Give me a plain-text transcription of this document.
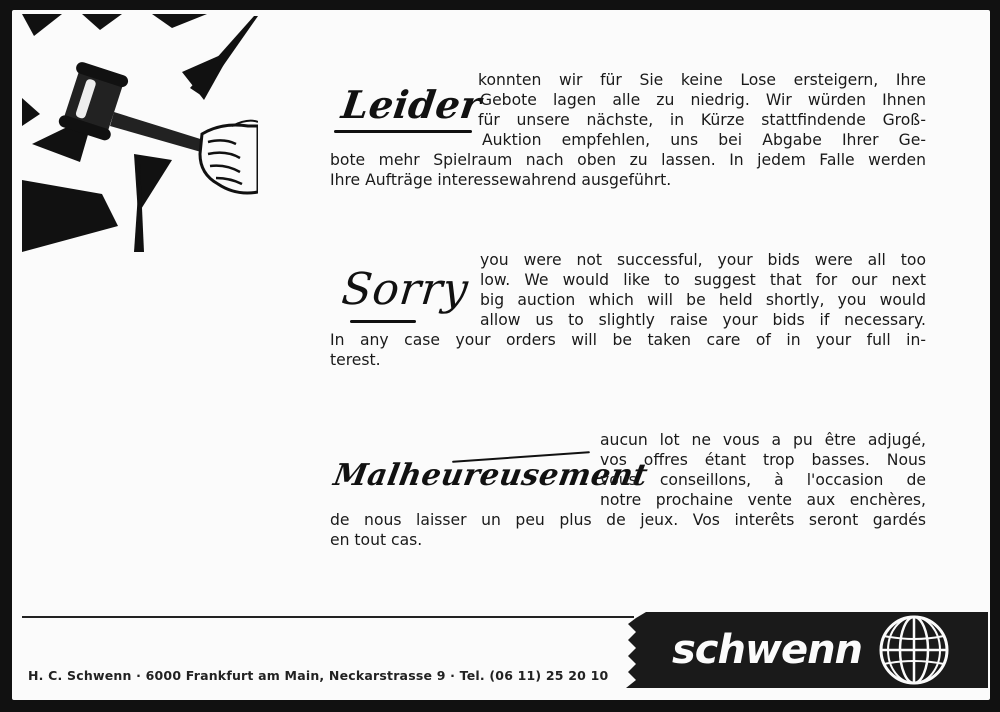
Leider
konnten wir für Sie keine Lose ersteigern, Ihre
Gebote lagen alle zu niedrig. Wir würden Ihnen
für unsere nächste, in Kürze stattfindende Groß-
Auktion empfehlen, uns bei Abgabe Ihrer Ge-
bote mehr Spielraum nach oben zu lassen. In jedem Falle werden
Ihre Aufträge interessewahrend ausgeführt.
Sorry
you were not successful, your bids were all too
low. We would like to suggest that for our next
big auction which will be held shortly, you would
allow us to slightly raise your bids if necessary.
In any case your orders will be taken care of in your full in-
terest.
Malheureusement
aucun lot ne vous a pu être adjugé,
vos offres étant trop basses. Nous
vous conseillons, à l'occasion de
notre prochaine vente aux enchères,
de nous laisser un peu plus de jeux. Vos interêts seront gardés
en tout cas.
schwenn
H. C. Schwenn · 6000 Frankfurt am Main, Neckarstrasse 9 · Tel. (06 11) 25 20 10
